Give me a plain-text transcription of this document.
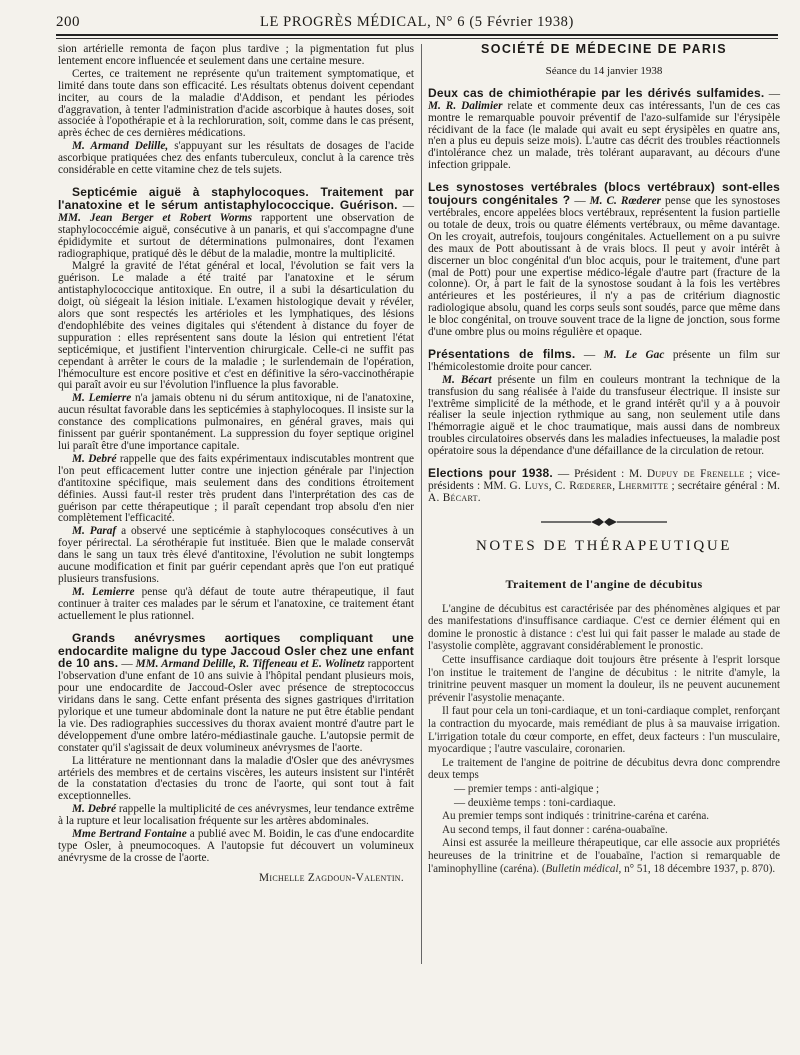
200	LE PROGRÈS MÉDICAL, N° 6 (5 Février 1938)

sion artérielle remonta de façon plus tardive ; la pigmentation fut plus lentement encore influencée et seulement dans une certaine mesure.

Certes, ce traitement ne représente qu'un traitement symptomatique, et limité dans toute dans son efficacité. Les résultats obtenus doivent cependant inciter, au cours de la maladie d'Addison, et pendant les périodes d'aggravation, à tenter l'administration d'acide ascorbique à hautes doses, soit associée à l'opothérapie et à la rechloruration, soit, comme dans le cas présent, après échec de ces dernières médications.

M. Armand Delille, s'appuyant sur les résultats de dosages de l'acide ascorbique pratiquées chez des enfants tuberculeux, conclut à la carence très considérable en cette vitamine chez de tels sujets.

Septicémie aiguë à staphylocoques. Traitement par l'anatoxine et le sérum antistaphylococcique. Guérison. — MM. Jean Berger et Robert Worms rapportent une observation de staphylococcémie aiguë, consécutive à un panaris, et qui s'accompagne d'une épididymite et surtout de déterminations pulmonaires, dont l'examen radiographique, pratiqué dès le début de la maladie, montre la multiplicité.

Malgré la gravité de l'état général et local, l'évolution se fait vers la guérison. Le malade a été traité par l'anatoxine et le sérum antistaphylococcique antitoxique. En outre, il a subi la désarticulation du doigt, où siégeait la lésion initiale. L'examen histologique devait y révéler, alors que sont respectés les artérioles et les lymphatiques, des lésions d'endophlébite des veines digitales qui s'étendent à distance du foyer de suppuration : elles représentent sans doute la lésion qui entretient l'état septicémique, et justifient l'intervention chirurgicale. Celle-ci ne suffit pas cependant à arrêter le cours de la maladie ; le surlendemain de l'opération, l'hémoculture est encore positive et c'est en définitive la séro-vaccinothérapie qui paraît avoir eu sur l'évolution l'influence la plus favorable.

M. Lemierre n'a jamais obtenu ni du sérum antitoxique, ni de l'anatoxine, aucun résultat favorable dans les septicémies à staphylocoques. Il insiste sur la constance des complications pulmonaires, en général graves, mais qui finissent par guérir spontanément. La suppression du foyer septique originel lui paraît être d'une importance capitale.

M. Debré rappelle que des faits expérimentaux indiscutables montrent que l'on peut efficacement lutter contre une injection générale par l'injection d'antitoxine spécifique, mais seulement dans des conditions étroitement définies. Aussi faut-il rester très prudent dans l'interprétation des cas de guérison par cette thérapeutique ; il paraît cependant trop absolu d'en nier complètement l'efficacité.

M. Paraf a observé une septicémie à staphylocoques consécutives à un foyer périrectal. La sérothérapie fut instituée. Bien que le malade conservât dans le sang un taux très élevé d'antitoxine, l'évolution ne subit longtemps aucune modification et finit par guérir cependant après que l'on eut pratiqué plusieurs transfusions.

M. Lemierre pense qu'à défaut de toute autre thérapeutique, il faut continuer à traiter ces malades par le sérum et l'anatoxine, ce traitement étant actuellement le plus rationnel.

Grands anévrysmes aortiques compliquant une endocardite maligne du type Jaccoud Osler chez une enfant de 10 ans. — MM. Armand Delille, R. Tiffeneau et E. Wolinetz rapportent l'observation d'une enfant de 10 ans suivie à l'hôpital pendant plusieurs mois, pour une endocardite de Jaccoud-Osler avec présence de streptococcus viridans dans le sang. Cette enfant présenta des signes gastriques d'irritation pylorique et une tumeur abdominale dont la nature ne put être établie pendant la vie. Des radiographies successives du thorax avaient montré d'autre part le développement d'une ombre latéro-médiastinale gauche. L'autopsie permit de constater qu'il s'agissait de deux volumineux anévrysmes de l'aorte.

La littérature ne mentionnant dans la maladie d'Osler que des anévrysmes artériels des membres et de certains viscères, les auteurs insistent sur l'intérêt de la constatation d'ectasies du tronc de l'aorte, qui sont tout à fait exceptionnelles.

M. Debré rappelle la multiplicité de ces anévrysmes, leur tendance extrême à la rupture et leur localisation fréquente sur les artères abdominales.

Mme Bertrand Fontaine a publié avec M. Boidin, le cas d'une endocardite type Osler, à pneumocoques. A l'autopsie fut découvert un volumineux anévrysme de la crosse de l'aorte.

Michelle Zagdoun-Valentin.

SOCIÉTÉ DE MÉDECINE DE PARIS
Séance du 14 janvier 1938

Deux cas de chimiothérapie par les dérivés sulfamides. — M. R. Dalimier relate et commente deux cas intéressants, l'un de ces cas montre le remarquable pouvoir préventif de l'azo-sulfamide sur l'érysipèle récidivant de la face (le malade qui avait eu sept érysipèles en quatre ans, n'en a plus eu depuis seize mois). L'autre cas décrit des troubles réactionnels d'intolérance chez un malade, très tolérant auparavant, au décours d'une infection grippale.

Les synostoses vertébrales (blocs vertébraux) sont-elles toujours congénitales ? — M. C. Rœderer pense que les synostoses vertébrales, encore appelées blocs vertébraux, représentent la fusion partielle ou totale de deux, trois ou quatre éléments vertébraux, ou même davantage. On les croyait, autrefois, toujours congénitales. Actuellement on a pu suivre des maux de Pott aboutissant à de vrais blocs. Il peut y avoir intérêt à discerner un bloc congénital d'un bloc acquis, pour le traitement, d'une part (mal de Pott) pour une expertise médico-légale d'autre part (fracture de la colonne). Or, à part le fait de la synostose soudant à la fois les vertèbres antérieures et les postérieures, il n'y a pas de critérium diagnostic radiologique absolu, quand les corps seuls sont soudés, parce que même dans le bloc congénital, on trouve souvent trace de la ligne de jonction, sous forme d'une ombre plus ou moins régulière et opaque.

Présentations de films. — M. Le Gac présente un film sur l'hémicolestomie droite pour cancer.

M. Bécart présente un film en couleurs montrant la technique de la transfusion du sang réalisée à l'aide du transfuseur électrique. Il insiste sur l'extrême simplicité de la méthode, et le grand intérêt qu'il y a à pouvoir réaliser la seule injection rythmique au sang, non seulement utile dans l'hémorragie aiguë et le choc traumatique, mais aussi dans de nombreux troubles circulatoires observés dans les maladies infectueuses, la maladie post opératoire sous la dépendance d'une défaillance de la circulation de retour.

Elections pour 1938. — Président : M. Dupuy de Frenelle ; vice-présidents : MM. G. Luys, C. Rœderer, Lhermitte ; secrétaire général : M. A. Bécart.

NOTES DE THÉRAPEUTIQUE
Traitement de l'angine de décubitus

L'angine de décubitus est caractérisée par des phénomènes algiques et par des manifestations d'insuffisance cardiaque. C'est ce dernier élément qui en domine le pronostic à distance : c'est lui qui fait passer le malade au stade de l'asystolie complète, aggravant considérablement le pronostic.

Cette insuffisance cardiaque doit toujours être présente à l'esprit lorsque l'on institue le traitement de l'angine de décubitus : le nitrite d'amyle, la trinitrine peuvent masquer un moment la douleur, ils ne peuvent aucunement prévenir l'asystolie menaçante.

Il faut pour cela un toni-cardiaque, et un toni-cardiaque complet, renforçant la contraction du myocarde, mais remédiant de plus à sa mauvaise irrigation. L'irrigation totale du cœur comporte, en effet, deux facteurs : l'un musculaire, myocardique ; l'autre vasculaire, coronarien.

Le traitement de l'angine de poitrine de décubitus devra donc comprendre deux temps

— premier temps : anti-algique ;

— deuxième temps : toni-cardiaque.

Au premier temps sont indiqués : trinitrine-caréna et caréna.

Au second temps, il faut donner : caréna-ouabaïne.

Ainsi est assurée la meilleure thérapeutique, car elle associe aux propriétés heureuses de la trinitrine et de l'ouabaïne, l'action si remarquable de l'aminophylline (caréna). (Bulletin médical, n° 51, 18 décembre 1937, p. 870).
